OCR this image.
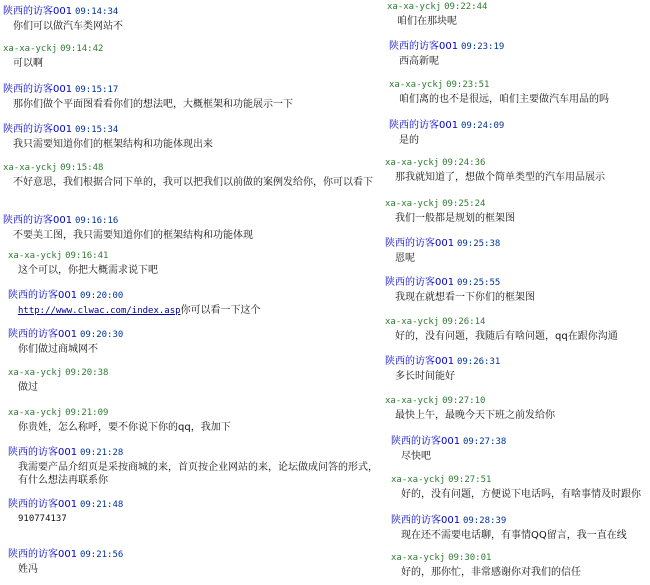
陕西的访客001 09:14:34
你们可以做汽车类网站不
xa-xa-yckj 09:14:42
可以啊
陕西的访客001 09:15:17
那你们做个平面图看看你们的想法吧，大概框架和功能展示一下
陕西的访客001 09:15:34
我只需要知道你们的框架结构和功能体现出来
xa-xa-yckj 09:15:48
不好意思，我们根据合同下单的，我可以把我们以前做的案例发给你，你可以看下
陕西的访客001 09:16:16
不要美工图，我只需要知道你们的框架结构和功能体现
xa-xa-yckj 09:16:41
这个可以，你把大概需求说下吧
陕西的访客001 09:20:00
http://www.clwac.com/index.asp你可以看一下这个
陕西的访客001 09:20:30
你们做过商城网不
xa-xa-yckj 09:20:38
做过
xa-xa-yckj 09:21:09
你贵姓，怎么称呼，要不你说下你的qq，我加下
陕西的访客001 09:21:28
我需要产品介绍页是采按商城的来，首页按企业网站的来，论坛做成问答的形式，有什么想法再联系你
陕西的访客001 09:21:48
910774137
陕西的访客001 09:21:56
姓冯
xa-xa-yckj 09:22:44
咱们在那块呢
陕西的访客001 09:23:19
西高新呢
xa-xa-yckj 09:23:51
咱们离的也不是很远，咱们主要做汽车用品的吗
陕西的访客001 09:24:09
是的
xa-xa-yckj 09:24:36
那我就知道了，想做个简单类型的汽车用品展示
xa-xa-yckj 09:25:24
我们一般都是规划的框架图
陕西的访客001 09:25:38
恩呢
陕西的访客001 09:25:55
我现在就想看一下你们的框架图
xa-xa-yckj 09:26:14
好的，没有问题，我随后有啥问题，qq在跟你沟通
陕西的访客001 09:26:31
多长时间能好
xa-xa-yckj 09:27:10
最快上午，最晚今天下班之前发给你
陕西的访客001 09:27:38
尽快吧
xa-xa-yckj 09:27:51
好的，没有问题，方便说下电话吗，有啥事情及时跟你
陕西的访客001 09:28:39
现在还不需要电话聊，有事情QQ留言，我一直在线
xa-xa-yckj 09:30:01
好的，那你忙，非常感谢你对我们的信任
